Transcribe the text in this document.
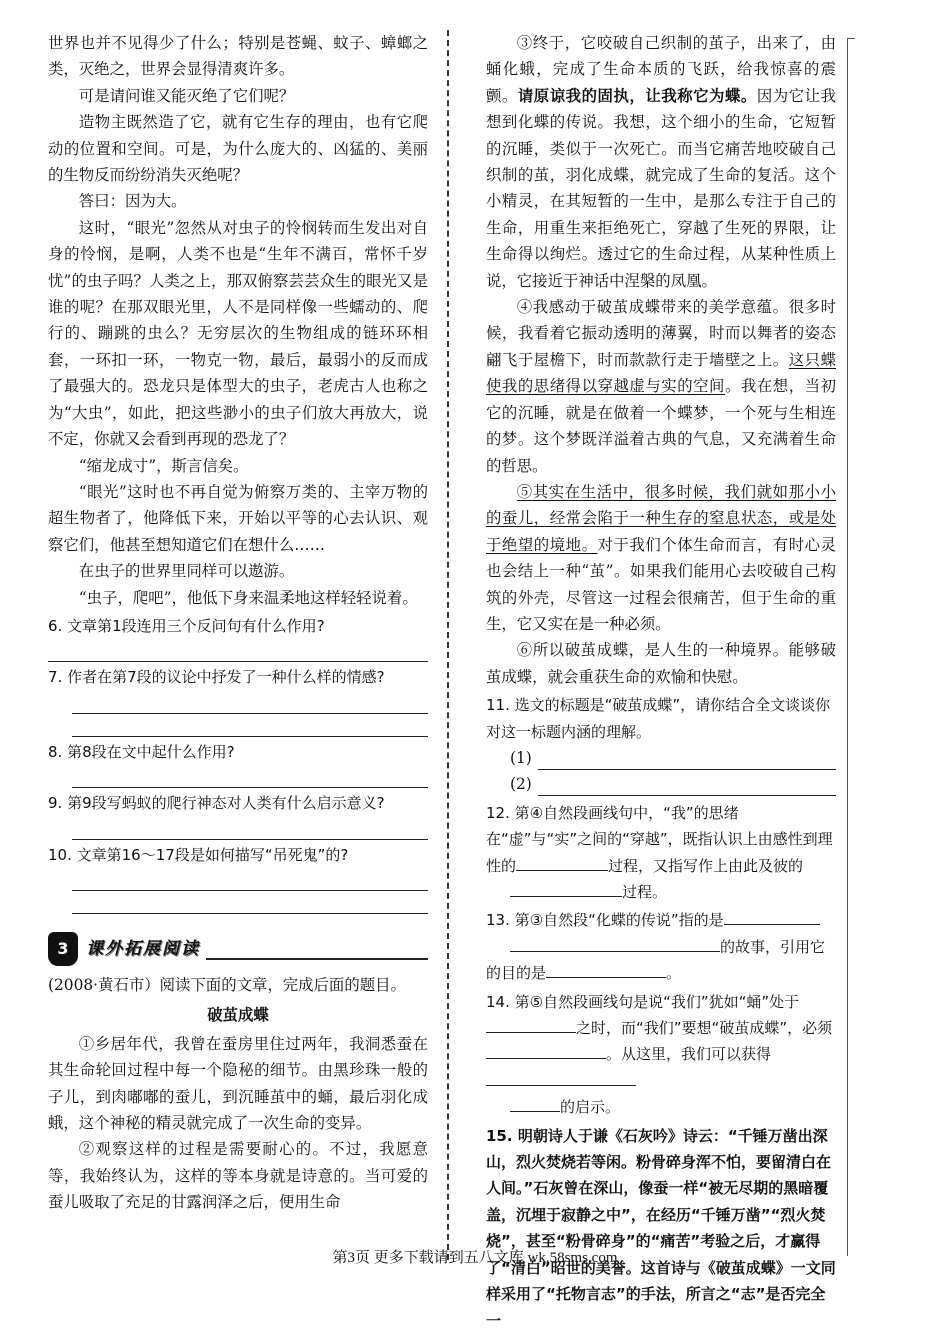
世界也并不见得少了什么；特别是苍蝇、蚊子、蟑螂之类，灭绝之，世界会显得清爽许多。

可是请问谁又能灭绝了它们呢？

造物主既然造了它，就有它生存的理由，也有它爬动的位置和空间。可是，为什么庞大的、凶猛的、美丽的生物反而纷纷消失灭绝呢？

答曰：因为大。

这时，“眼光”忽然从对虫子的怜悯转而生发出对自身的怜悯，是啊，人类不也是“生年不满百，常怀千岁忧”的虫子吗？人类之上，那双俯察芸芸众生的眼光又是谁的呢？在那双眼光里，人不是同样像一些蠕动的、爬行的、蹦跳的虫么？无穷层次的生物组成的链环环相套，一环扣一环，一物克一物，最后，最弱小的反而成了最强大的。恐龙只是体型大的虫子，老虎古人也称之为“大虫”，如此，把这些渺小的虫子们放大再放大，说不定，你就又会看到再现的恐龙了？

“缩龙成寸”，斯言信矣。

“眼光”这时也不再自觉为俯察万类的、主宰万物的超生物者了，他降低下来，开始以平等的心去认识、观察它们，他甚至想知道它们在想什么……

在虫子的世界里同样可以遨游。

“虫子，爬吧”，他低下身来温柔地这样轻轻说着。

6. 文章第1段连用三个反问句有什么作用?
7. 作者在第7段的议论中抒发了一种什么样的情感?
8. 第8段在文中起什么作用?
9. 第9段写蚂蚁的爬行神态对人类有什么启示意义?
10. 文章第16～17段是如何描写“吊死鬼”的?
3	课外拓展阅读

(2008·黄石市）阅读下面的文章，完成后面的题目。

破茧成蝶

①乡居年代，我曾在蚕房里住过两年，我洞悉蚕在其生命轮回过程中每一个隐秘的细节。由黑珍珠一般的子儿，到肉嘟嘟的蚕儿，到沉睡茧中的蛹，最后羽化成蛾，这个神秘的精灵就完成了一次生命的变异。

②观察这样的过程是需要耐心的。不过，我愿意等，我始终认为，这样的等本身就是诗意的。当可爱的蚕儿吸取了充足的甘露润泽之后，便用生命

③终于，它咬破自己织制的茧子，出来了，由蛹化蛾，完成了生命本质的飞跃，给我惊喜的震颤。请原谅我的固执，让我称它为蝶。因为它让我想到化蝶的传说。我想，这个细小的生命，它短暂的沉睡，类似于一次死亡。而当它痛苦地咬破自己织制的茧，羽化成蝶，就完成了生命的复活。这个小精灵，在其短暂的一生中，是那么专注于自己的生命，用重生来拒绝死亡，穿越了生死的界限，让生命得以绚烂。透过它的生命过程，从某种性质上说，它接近于神话中涅槃的凤凰。

④我感动于破茧成蝶带来的美学意蕴。很多时候，我看着它振动透明的薄翼，时而以舞者的姿态翩飞于屋檐下，时而款款行走于墙壁之上。这只蝶使我的思绪得以穿越虚与实的空间。我在想，当初它的沉睡，就是在做着一个蝶梦，一个死与生相连的梦。这个梦既洋溢着古典的气息，又充满着生命的哲思。

⑤其实在生活中，很多时候，我们就如那小小的蚕儿，经常会陷于一种生存的窒息状态，或是处于绝望的境地。对于我们个体生命而言，有时心灵也会结上一种“茧”。如果我们能用心去咬破自己构筑的外壳，尽管这一过程会很痛苦，但于生命的重生，它又实在是一种必须。

⑥所以破茧成蝶，是人生的一种境界。能够破茧成蝶，就会重获生命的欢愉和快慰。

11. 选文的标题是“破茧成蝶”，请你结合全文谈谈你对这一标题内涵的理解。
(1)
(2)
12. 第④自然段画线句中，“我”的思绪在“虚”与“实”之间的“穿越”，既指认识上由感性到理性的	过程，又指写作上由此及彼的
过程。
13. 第③自然段“化蝶的传说”指的是
的故事，引用它的目的是	。
14. 第⑤自然段画线句是说“我们”犹如“蛹”处于之时，而“我们”要想“破茧成蝶”，必须。从这里，我们可以获得
的启示。
15. 明朝诗人于谦《石灰吟》诗云：“千锤万凿出深山，烈火焚烧若等闲。粉骨碎身浑不怕，要留清白在人间。”石灰曾在深山，像蚕一样“被无尽期的黑暗覆盖，沉埋于寂静之中”，在经历“千锤万凿”“烈火焚烧”，甚至“粉骨碎身”的“痛苦”考验之后，才赢得了“清白”昭世的美誉。这首诗与《破茧成蝶》一文同样采用了“托物言志”的手法，所言之“志”是否完全一
第3页 更多下载请到五八文库 wk.58sms.com
